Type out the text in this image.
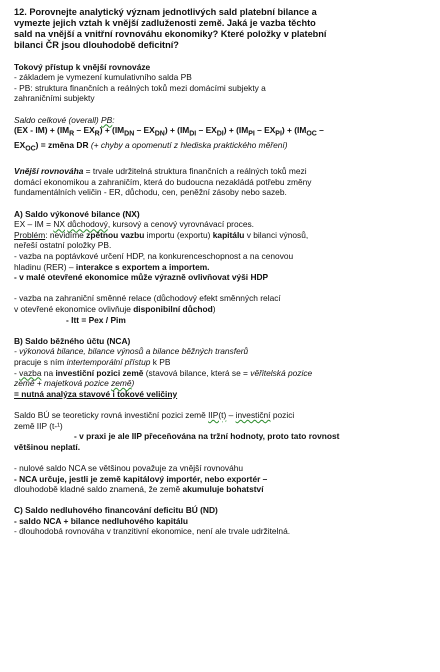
12. Porovnejte analytický význam jednotlivých sald platební bilance a
vymezte jejich vztah k vnější zadluženosti země. Jaká je vazba těchto
sald na vnější a vnitřní rovnováhu ekonomiky? Které položky v platební
bilanci ČR jsou dlouhodobě deficitní?
Tokový přístup k vnější rovnováze
- základem je vymezení kumulativního salda PB
- PB: struktura finančních a reálných toků mezi domácími subjekty a
zahraničními subjekty
Saldo celkové (overall) PB:
$(EX - IM) + (IM_R - EX_R) + (IM_{DN} - EX_{DN}) + (IM_{DI} - EX_{DI}) + (IM_{PI} - EX_{PI}) + (IM_{OC}$ –
$EX_{OC}$) = změna DR (+ chyby a opomenutí z hlediska praktického měření)
Vnější rovnováha = trvale udržitelná struktura finančních a reálných toků mezi
domácí ekonomikou a zahraničím, která do budoucna nezakládá potřebu změny
fundamentálních veličin - ER, důchodu, cen, peněžní zásoby nebo sazeb.
A) Saldo výkonové bilance (NX)
EX – IM = NX důchodový, kursový a cenový vyrovnávací proces.
Problém: nevidíme zpětnou vazbu importu (exportu) kapitálu v bilanci výnosů,
neřeší ostatní položky PB.
- vazba na poptávkové určení HDP, na konkurenceschopnost a na cenovou
hladinu (RER) – interakce s exportem a importem.
- v malé otevřené ekonomice může výrazně ovlivňovat výši HDP
- vazba na zahraniční směnné relace (důchodový efekt směnných relací
v otevřené ekonomice ovlivňuje disponibilní důchod)
- Itt = Pex / Pim
B) Saldo běžného účtu (NCA)
- výkonová bilance, bilance výnosů a bilance běžných transferů
pracuje s ním intertemporální přístup k PB
- vazba na investiční pozici země (stavová bilance, která se = věřitelská pozice
země + majetková pozice země)
= nutná analýza stavové i tokové veličiny
Saldo BÚ se teoreticky rovná investiční pozici země IIP(t) – investiční pozici
země IIP (t-¹)
- v praxi je ale IIP přeceňována na tržní hodnoty, proto tato rovnost
většinou neplatí.
- nulové saldo NCA se většinou považuje za vnější rovnováhu
- NCA určuje, jestli je země kapitálový importér, nebo exportér –
dlouhodobě kladné saldo znamená, že země akumuluje bohatství
C) Saldo nedluhového financování deficitu BÚ (ND)
- saldo NCA + bilance nedluhového kapitálu
- dlouhodobá rovnováha v tranzitivní ekonomice, není ale trvale udržitelná.
